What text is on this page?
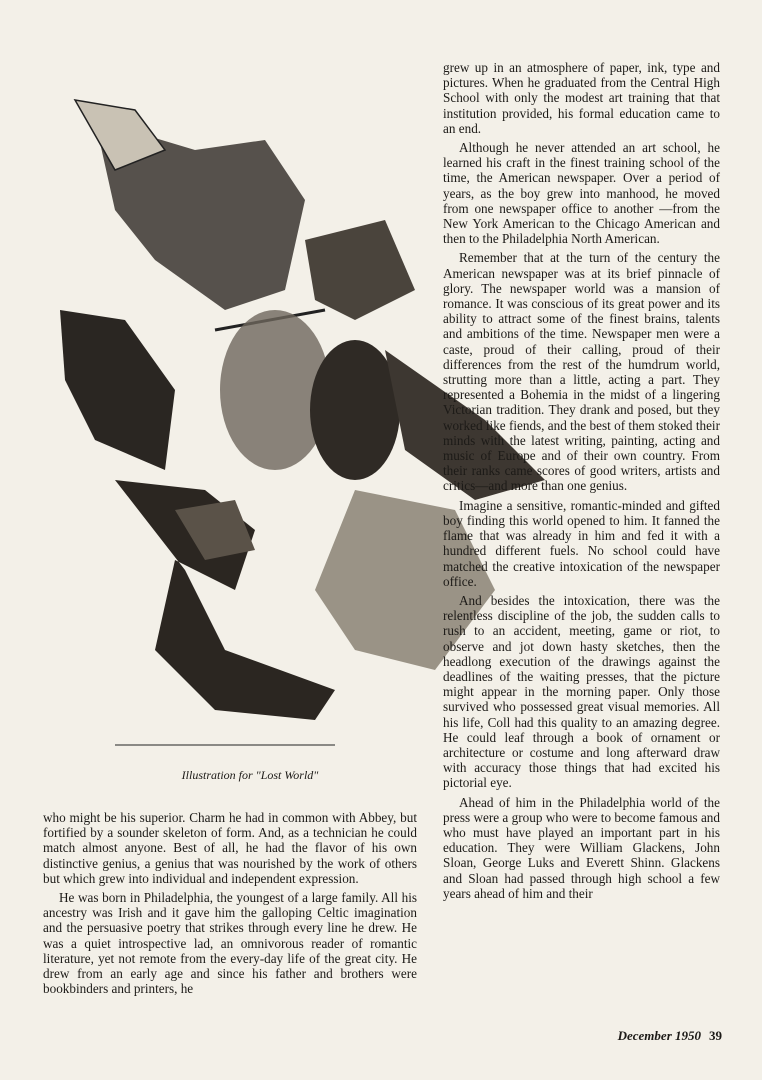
Illustration for "Lost World"

grew up in an atmosphere of paper, ink, type and pictures. When he graduated from the Central High School with only the modest art training that that institution provided, his formal education came to an end.

Although he never attended an art school, he learned his craft in the finest training school of the time, the American newspaper. Over a period of years, as the boy grew into manhood, he moved from one newspaper office to another —from the New York American to the Chicago American and then to the Philadelphia North American.

Remember that at the turn of the century the American newspaper was at its brief pinnacle of glory. The newspaper world was a mansion of romance. It was conscious of its great power and its ability to attract some of the finest brains, talents and ambitions of the time. Newspaper men were a caste, proud of their calling, proud of their differences from the rest of the humdrum world, strutting more than a little, acting a part. They represented a Bohemia in the midst of a lingering Victorian tradition. They drank and posed, but they worked like fiends, and the best of them stoked their minds with the latest writing, painting, acting and music of Europe and of their own country. From their ranks came scores of good writers, artists and critics—and more than one genius.

Imagine a sensitive, romantic-minded and gifted boy finding this world opened to him. It fanned the flame that was already in him and fed it with a hundred different fuels. No school could have matched the creative intoxication of the newspaper office.

And besides the intoxication, there was the relentless discipline of the job, the sudden calls to rush to an accident, meeting, game or riot, to observe and jot down hasty sketches, then the headlong execution of the drawings against the deadlines of the waiting presses, that the picture might appear in the morning paper. Only those survived who possessed great visual memories. All his life, Coll had this quality to an amazing degree. He could leaf through a book of ornament or architecture or costume and long afterward draw with accuracy those things that had excited his pictorial eye.

Ahead of him in the Philadelphia world of the press were a group who were to become famous and who must have played an important part in his education. They were William Glackens, John Sloan, George Luks and Everett Shinn. Glackens and Sloan had passed through high school a few years ahead of him and their

who might be his superior. Charm he had in common with Abbey, but fortified by a sounder skeleton of form. And, as a technician he could match almost anyone. Best of all, he had the flavor of his own distinctive genius, a genius that was nourished by the work of others but which grew into individual and independent expression.

He was born in Philadelphia, the youngest of a large family. All his ancestry was Irish and it gave him the galloping Celtic imagination and the persuasive poetry that strikes through every line he drew. He was a quiet introspective lad, an omnivorous reader of romantic literature, yet not remote from the every-day life of the great city. He drew from an early age and since his father and brothers were bookbinders and printers, he

December 1950 39
